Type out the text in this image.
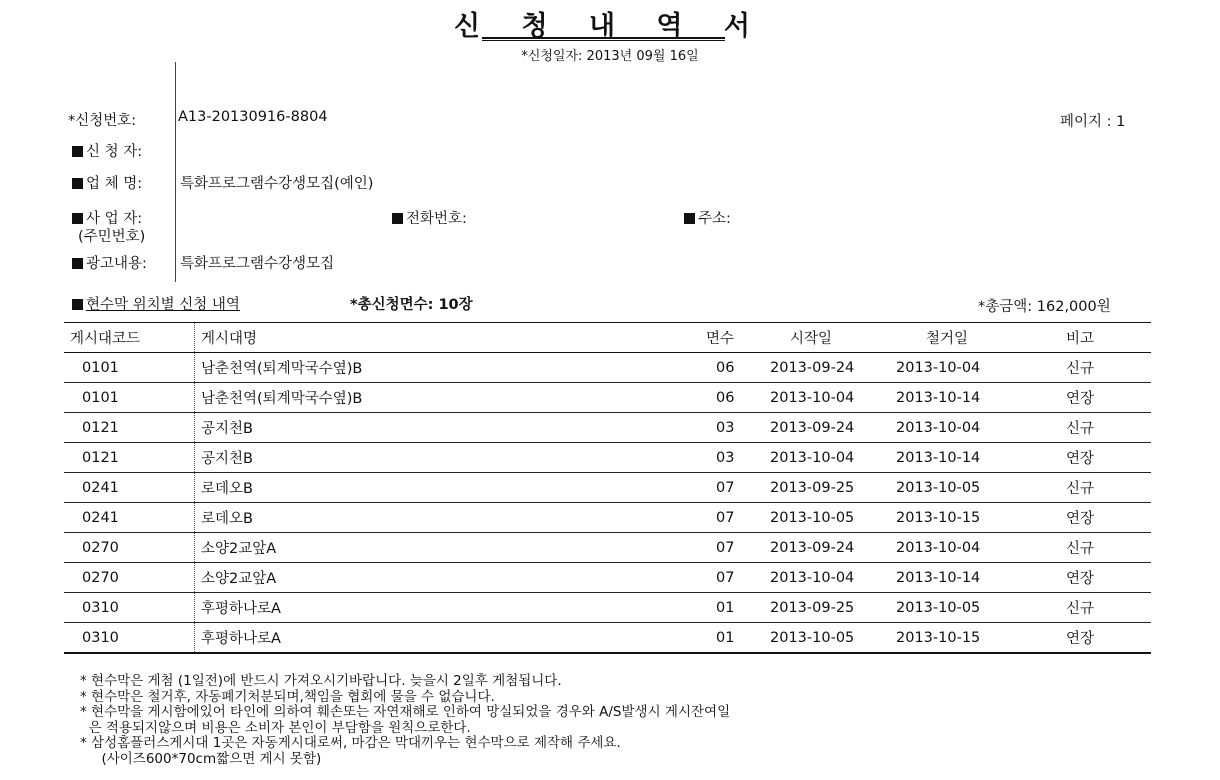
신 청 내 역 서
*신청일자: 2013년 09월 16일
*신청번호:	A13-20130916-8804	페이지 : 1
신 청 자:
업 체 명:	특화프로그램수강생모집(예인)
사 업 자:
(주민번호)
전화번호:	주소:
광고내용: 특화프로그램수강생모집
현수막 위치별 신청 내역	*총신청면수: 10장	*총금액: 162,000원
게시대코드	게시대명	면수	시작일	철거일	비고
0101	남춘천역(퇴계막국수옆)B	06	2013-09-24	2013-10-04	신규
0101	남춘천역(퇴계막국수옆)B	06	2013-10-04	2013-10-14	연장
0121	공지천B	03	2013-09-24	2013-10-04	신규
0121	공지천B	03	2013-10-04	2013-10-14	연장
0241	로데오B	07	2013-09-25	2013-10-05	신규
0241	로데오B	07	2013-10-05	2013-10-15	연장
0270	소양2교앞A	07	2013-09-24	2013-10-04	신규
0270	소양2교앞A	07	2013-10-04	2013-10-14	연장
0310	후평하나로A	01	2013-09-25	2013-10-05	신규
0310	후평하나로A	01	2013-10-05	2013-10-15	연장
* 현수막은 게첨 (1일전)에 반드시 가져오시기바랍니다. 늦을시 2일후 게첨됩니다.
* 현수막은 철거후, 자동폐기처분되며,책임을 협회에 물을 수 없습니다.
* 현수막을 게시함에있어 타인에 의하여 훼손또는 자연재해로 인하여 망실되었을 경우와 A/S발생시 게시잔여일
은 적용되지않으며 비용은 소비자 본인이 부담함을 원칙으로한다.
* 삼성홈플러스게시대 1곳은 자동게시대로써, 마감은 막대끼우는 현수막으로 제작해 주세요.
(사이즈600*70cm짧으면 게시 못함)
